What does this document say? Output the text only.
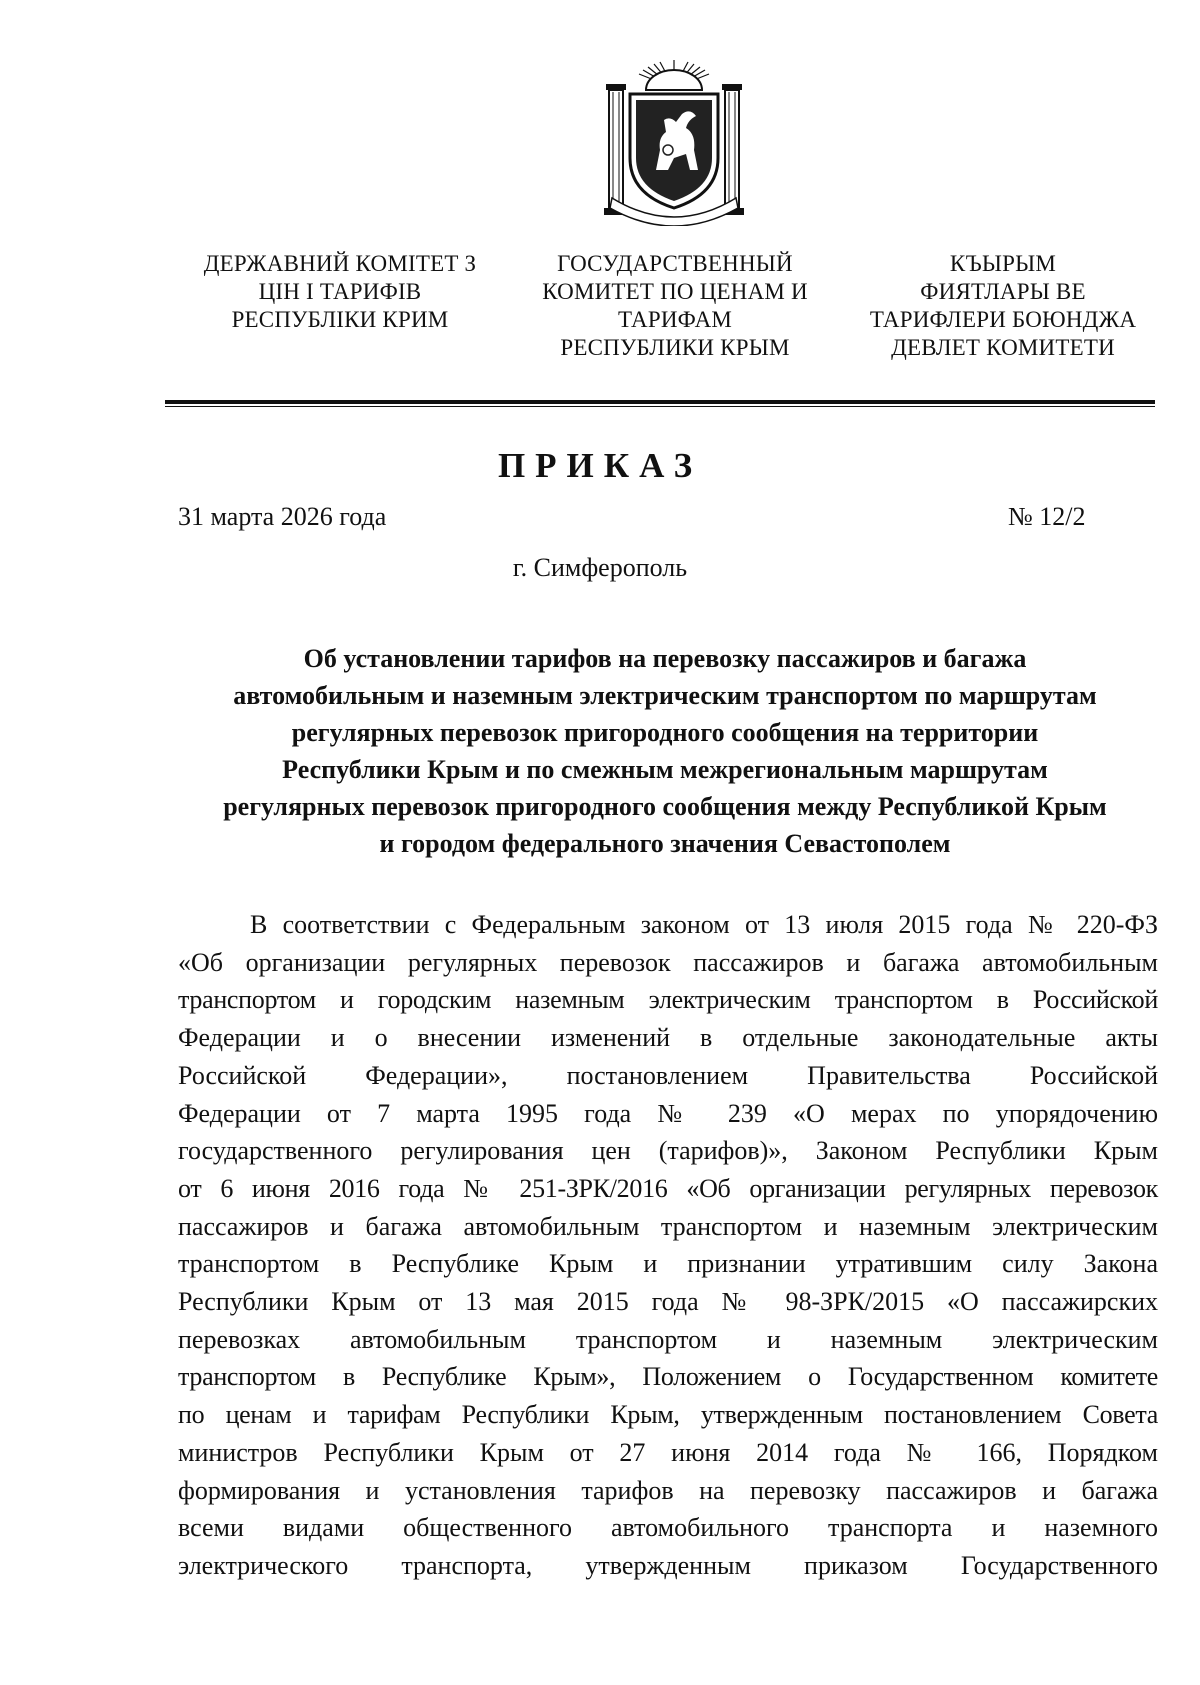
ДЕРЖАВНИЙ КОМІТЕТ З
ЦІН І ТАРИФІВ
РЕСПУБЛІКИ КРИМ
ГОСУДАРСТВЕННЫЙ
КОМИТЕТ ПО ЦЕНАМ И
ТАРИФАМ
РЕСПУБЛИКИ КРЫМ
КЪЫРЫМ
ФИЯТЛАРЫ ВЕ
ТАРИФЛЕРИ БОЮНДЖА
ДЕВЛЕТ КОМИТЕТИ
ПРИКАЗ
31 марта 2026 года	№ 12/2
г. Симферополь
Об установлении тарифов на перевозку пассажиров и багажа
автомобильным и наземным электрическим транспортом по маршрутам
регулярных перевозок пригородного сообщения на территории
Республики Крым и по смежным межрегиональным маршрутам
регулярных перевозок пригородного сообщения между Республикой Крым
и городом федерального значения Севастополем
В соответствии с Федеральным законом от 13 июля 2015 года № 220-ФЗ
«Об организации регулярных перевозок пассажиров и багажа автомобильным
транспортом и городским наземным электрическим транспортом в Российской
Федерации и о внесении изменений в отдельные законодательные акты
Российской Федерации», постановлением Правительства Российской
Федерации от 7 марта 1995 года № 239 «О мерах по упорядочению
государственного регулирования цен (тарифов)», Законом Республики Крым
от 6 июня 2016 года № 251-ЗРК/2016 «Об организации регулярных перевозок
пассажиров и багажа автомобильным транспортом и наземным электрическим
транспортом в Республике Крым и признании утратившим силу Закона
Республики Крым от 13 мая 2015 года № 98-ЗРК/2015 «О пассажирских
перевозках автомобильным транспортом и наземным электрическим
транспортом в Республике Крым», Положением о Государственном комитете
по ценам и тарифам Республики Крым, утвержденным постановлением Совета
министров Республики Крым от 27 июня 2014 года № 166, Порядком
формирования и установления тарифов на перевозку пассажиров и багажа
всеми видами общественного автомобильного транспорта и наземного
электрического транспорта, утвержденным приказом Государственного
